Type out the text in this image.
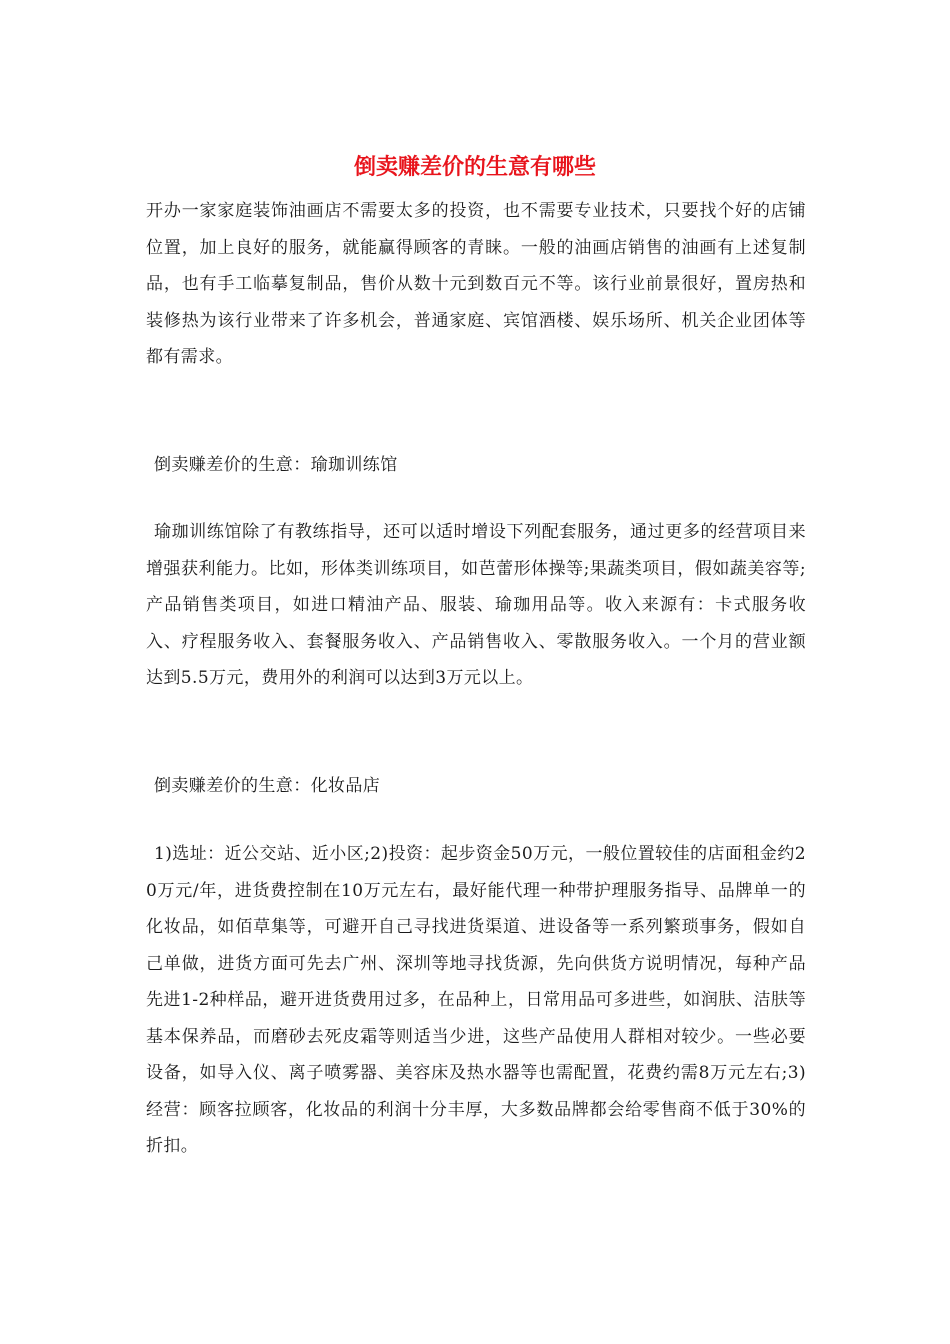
倒卖赚差价的生意有哪些

开办一家家庭装饰油画店不需要太多的投资，也不需要专业技术，只要找个好的店铺位置，加上良好的服务，就能赢得顾客的青睐。一般的油画店销售的油画有上述复制品，也有手工临摹复制品，售价从数十元到数百元不等。该行业前景很好，置房热和装修热为该行业带来了许多机会，普通家庭、宾馆酒楼、娱乐场所、机关企业团体等都有需求。

倒卖赚差价的生意：瑜珈训练馆

瑜珈训练馆除了有教练指导，还可以适时增设下列配套服务，通过更多的经营项目来增强获利能力。比如，形体类训练项目，如芭蕾形体操等;果蔬类项目，假如蔬美容等;产品销售类项目，如进口精油产品、服装、瑜珈用品等。收入来源有：卡式服务收入、疗程服务收入、套餐服务收入、产品销售收入、零散服务收入。一个月的营业额达到5.5万元，费用外的利润可以达到3万元以上。

倒卖赚差价的生意：化妆品店

1)选址：近公交站、近小区;2)投资：起步资金50万元，一般位置较佳的店面租金约20万元/年，进货费控制在10万元左右，最好能代理一种带护理服务指导、品牌单一的化妆品，如佰草集等，可避开自己寻找进货渠道、进设备等一系列繁琐事务，假如自己单做，进货方面可先去广州、深圳等地寻找货源，先向供货方说明情况，每种产品先进1-2种样品，避开进货费用过多，在品种上，日常用品可多进些，如润肤、洁肤等基本保养品，而磨砂去死皮霜等则适当少进，这些产品使用人群相对较少。一些必要设备，如导入仪、离子喷雾器、美容床及热水器等也需配置，花费约需8万元左右;3)经营：顾客拉顾客，化妆品的利润十分丰厚，大多数品牌都会给零售商不低于30%的折扣。
